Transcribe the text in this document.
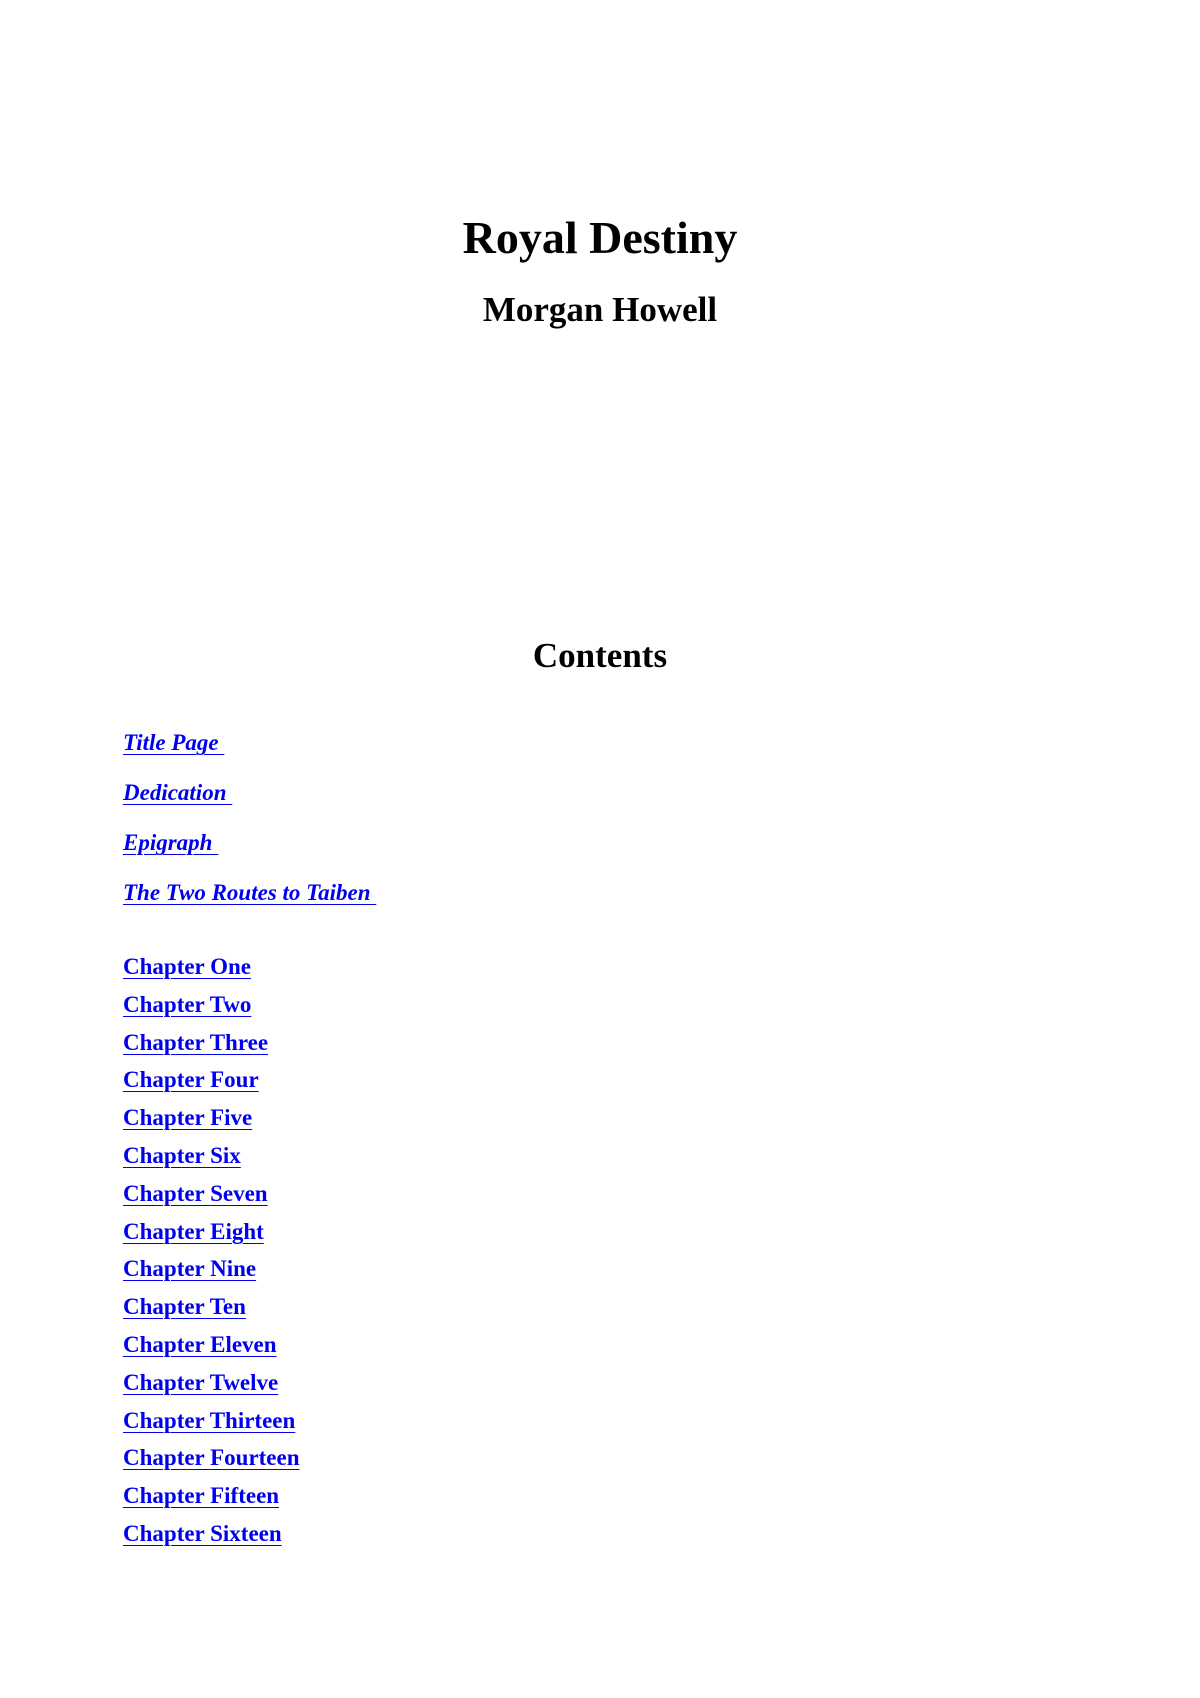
Royal Destiny
Morgan Howell
Contents
Title Page
Dedication
Epigraph
The Two Routes to Taiben
Chapter One
Chapter Two
Chapter Three
Chapter Four
Chapter Five
Chapter Six
Chapter Seven
Chapter Eight
Chapter Nine
Chapter Ten
Chapter Eleven
Chapter Twelve
Chapter Thirteen
Chapter Fourteen
Chapter Fifteen
Chapter Sixteen
